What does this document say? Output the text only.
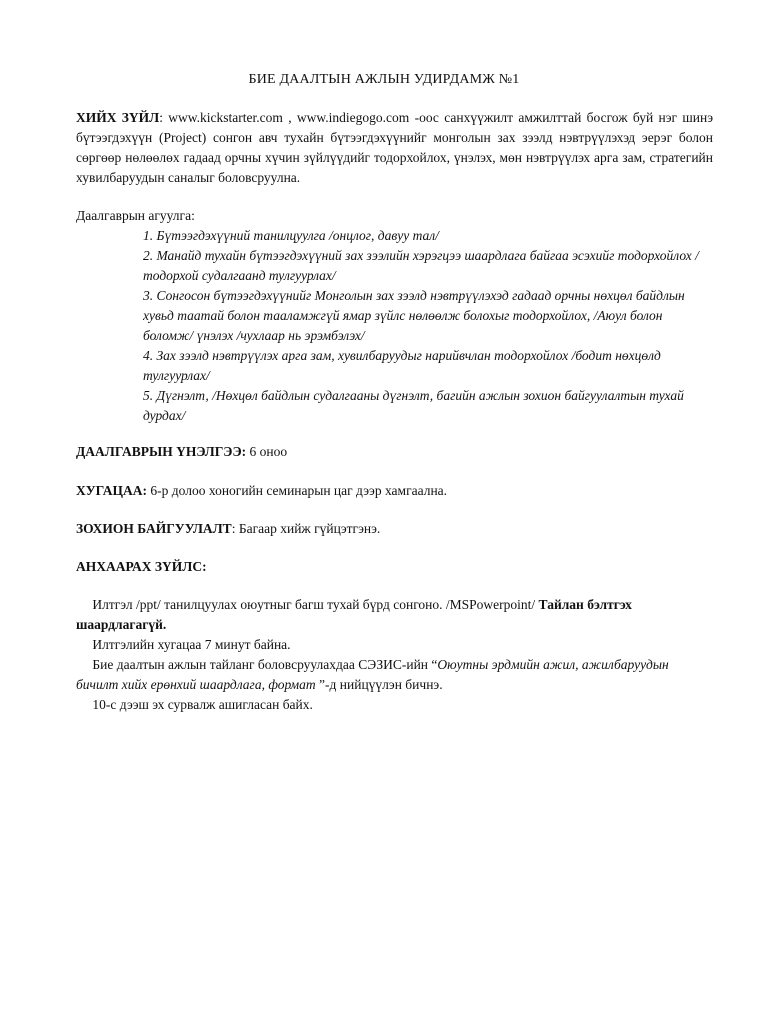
БИЕ ДААЛТЫН АЖЛЫН УДИРДАМЖ №1
ХИЙХ ЗҮЙЛ: www.kickstarter.com , www.indiegogo.com -оос санхүүжилт амжилттай босгож буй нэг шинэ бүтээгдэхүүн (Project) сонгон авч тухайн бүтээгдэхүүнийг монголын зах зээлд нэвтрүүлэхэд эерэг болон сөргөөр нөлөөлөх гадаад орчны хүчин зүйлүүдийг тодорхойлох, үнэлэх, мөн нэвтрүүлэх арга зам, стратегийн хувилбаруудын саналыг боловсруулна.
Даалгаврын агуулга:
1. Бүтээгдэхүүний танилцуулга /онцлог, давуу тал/
2. Манайд тухайн бүтээгдэхүүний зах зээлийн хэрэгцээ шаардлага байгаа эсэхийг тодорхойлох /тодорхой судалгаанд тулгуурлах/
3. Сонгосон бүтээгдэхүүнийг Монголын зах зээлд нэвтрүүлэхэд гадаад орчны нөхцөл байдлын хувьд таатай болон тааламжгүй ямар зүйлс нөлөөлж болохыг тодорхойлох, /Аюул болон боломж/ үнэлэх /чухлаар нь эрэмбэлэх/
4. Зах зээлд нэвтрүүлэх арга зам, хувилбаруудыг нарийвчлан тодорхойлох /бодит нөхцөлд тулгуурлах/
5. Дүгнэлт, /Нөхцөл байдлын судалгааны дүгнэлт, багийн ажлын зохион байгуулалтын тухай дурдах/
ДААЛГАВРЫН ҮНЭЛГЭЭ: 6 оноо
ХУГАЦАА: 6-р долоо хоногийн семинарын цаг дээр хамгаална.
ЗОХИОН БАЙГУУЛАЛТ: Багаар хийж гүйцэтгэнэ.
АНХААРАХ ЗҮЙЛС:
Илтгэл /ppt/ танилцуулах оюутныг багш тухай бүрд сонгоно. /MSPowerpoint/ Тайлан бэлтгэх шаардлагагүй.
Илтгэлийн хугацаа 7 минут байна.
Бие даалтын ажлын тайланг боловсруулахдаа СЭЗИС-ийн “Оюутны эрдмийн ажил, ажилбаруудын бичилт хийх ерөнхий шаардлага, формат ”-д нийцүүлэн бичнэ.
10-с дээш эх сурвалж ашигласан байх.
